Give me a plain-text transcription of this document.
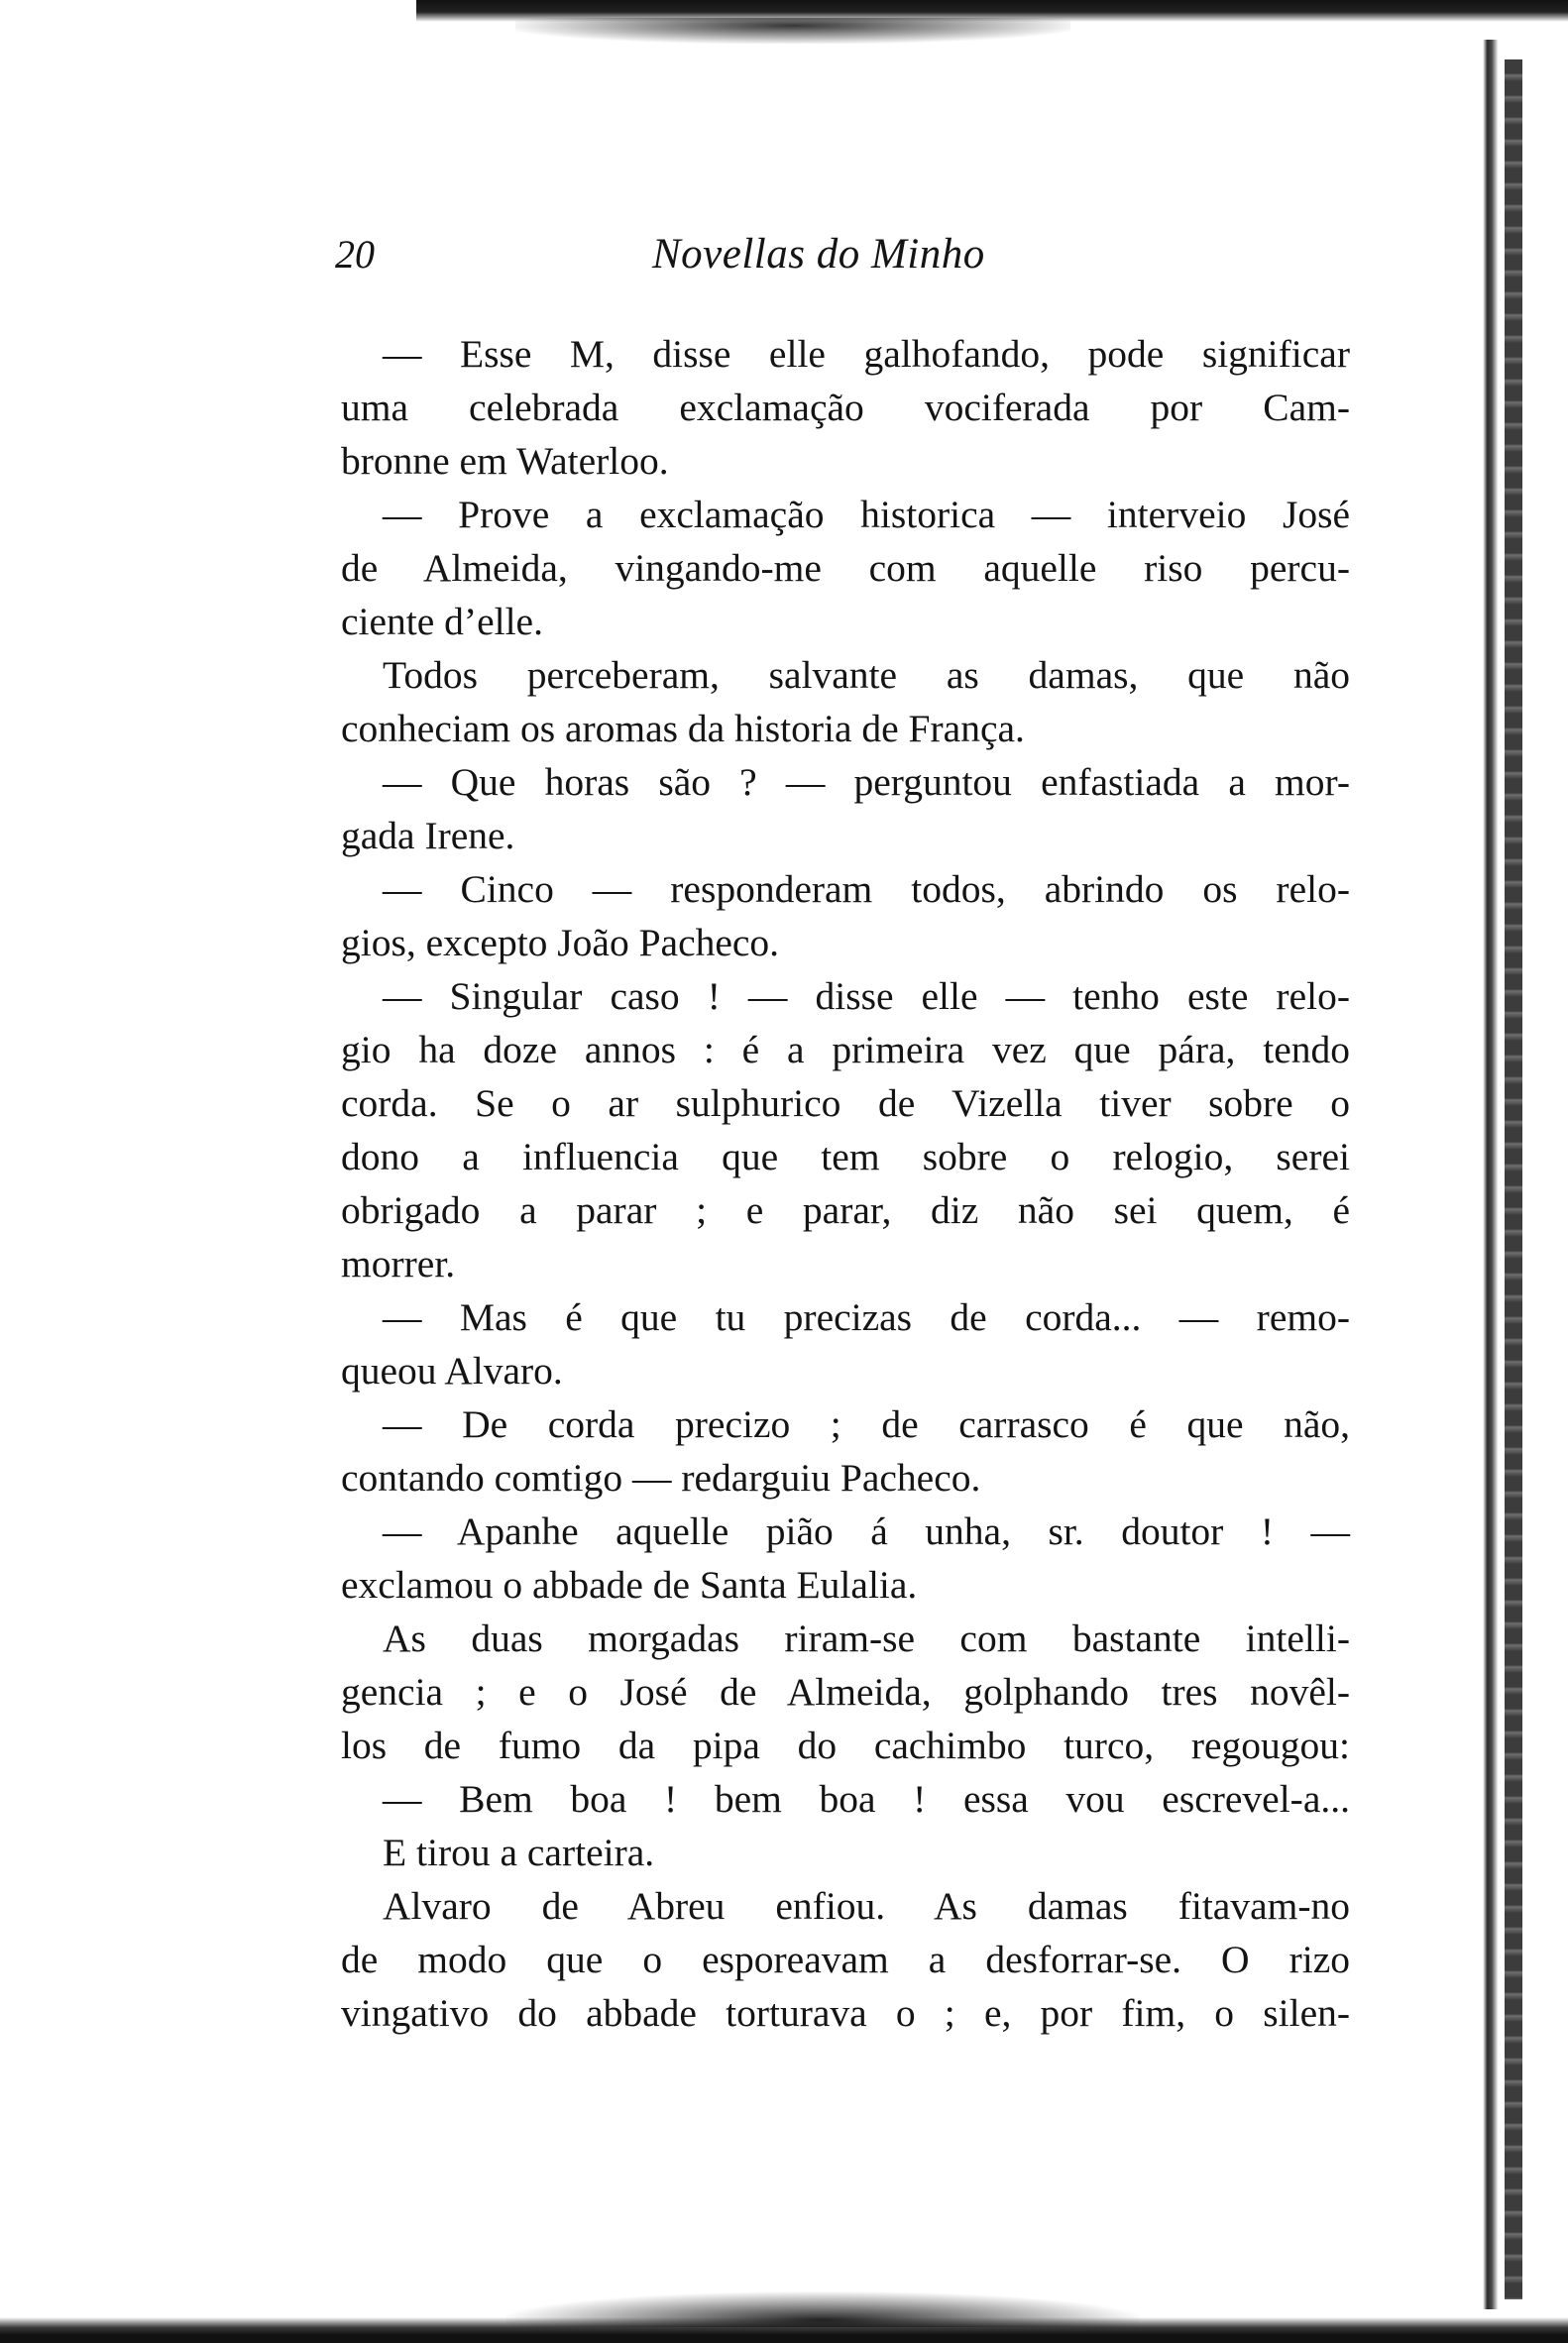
20	Novellas do Minho
— Esse M, disse elle galhofando, pode significar
uma celebrada exclamação vociferada por Cam-
bronne em Waterloo.
— Prove a exclamação historica — interveio José
de Almeida, vingando-me com aquelle riso percu-
ciente d’elle.
Todos perceberam, salvante as damas, que não
conheciam os aromas da historia de França.
— Que horas são ? — perguntou enfastiada a mor-
gada Irene.
— Cinco — responderam todos, abrindo os relo-
gios, excepto João Pacheco.
— Singular caso ! — disse elle — tenho este relo-
gio ha doze annos : é a primeira vez que pára, tendo
corda. Se o ar sulphurico de Vizella tiver sobre o
dono a influencia que tem sobre o relogio, serei
obrigado a parar ; e parar, diz não sei quem, é
morrer.
— Mas é que tu precizas de corda... — remo-
queou Alvaro.
— De corda precizo ; de carrasco é que não,
contando comtigo — redarguiu Pacheco.
— Apanhe aquelle pião á unha, sr. doutor ! —
exclamou o abbade de Santa Eulalia.
As duas morgadas riram-se com bastante intelli-
gencia ; e o José de Almeida, golphando tres novêl-
los de fumo da pipa do cachimbo turco, regougou:
— Bem boa ! bem boa ! essa vou escrevel-a...
E tirou a carteira.
Alvaro de Abreu enfiou. As damas fitavam-no
de modo que o esporeavam a desforrar-se. O rizo
vingativo do abbade torturava o ; e, por fim, o silen-
